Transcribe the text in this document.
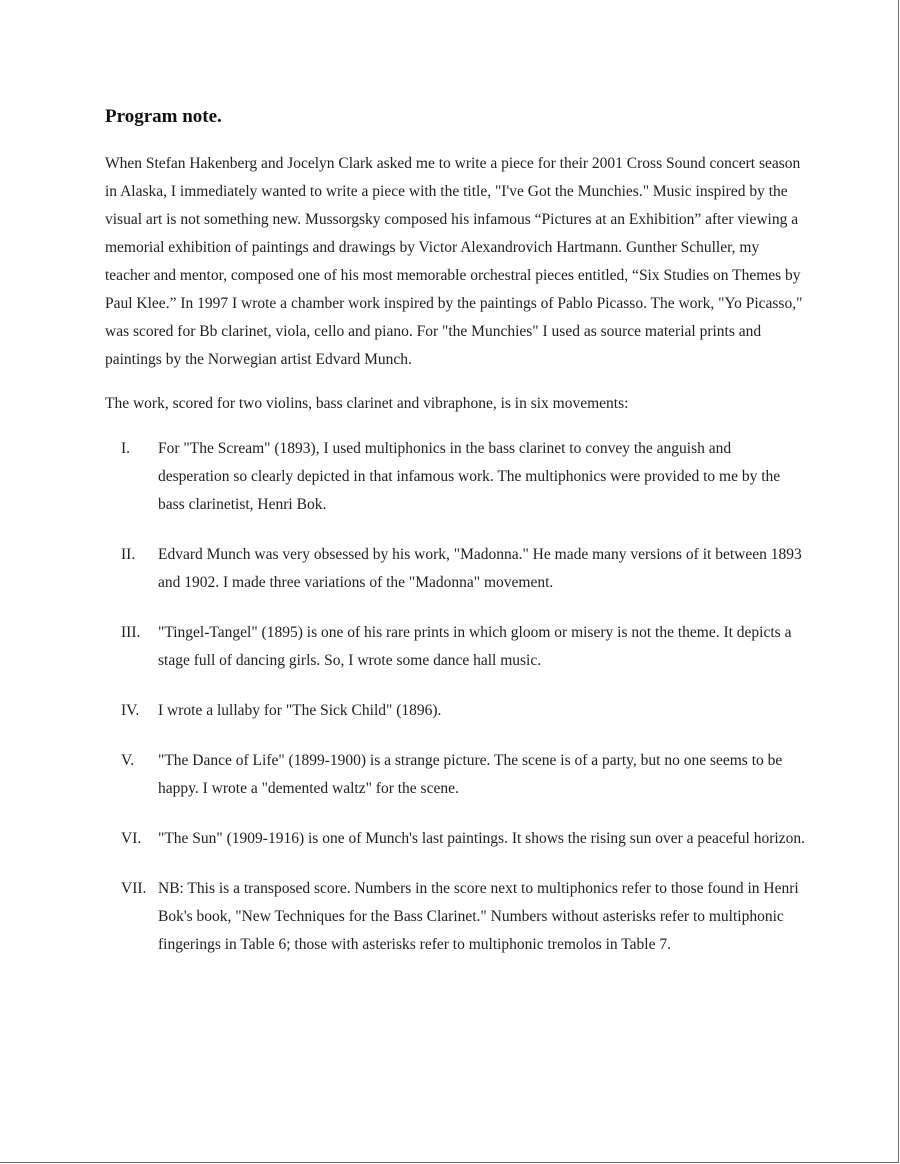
Program note.

When Stefan Hakenberg and Jocelyn Clark asked me to write a piece for their 2001 Cross Sound concert season in Alaska, I immediately wanted to write a piece with the title, "I've Got the Munchies." Music inspired by the visual art is not something new. Mussorgsky composed his infamous “Pictures at an Exhibition” after viewing a memorial exhibition of paintings and drawings by Victor Alexandrovich Hartmann. Gunther Schuller, my teacher and mentor, composed one of his most memorable orchestral pieces entitled, “Six Studies on Themes by Paul Klee.” In 1997 I wrote a chamber work inspired by the paintings of Pablo Picasso. The work, "Yo Picasso," was scored for Bb clarinet, viola, cello and piano. For "the Munchies" I used as source material prints and paintings by the Norwegian artist Edvard Munch.

The work, scored for two violins, bass clarinet and vibraphone, is in six movements:

I. For "The Scream" (1893), I used multiphonics in the bass clarinet to convey the anguish and desperation so clearly depicted in that infamous work. The multiphonics were provided to me by the bass clarinetist, Henri Bok.
II. Edvard Munch was very obsessed by his work, "Madonna." He made many versions of it between 1893 and 1902. I made three variations of the "Madonna" movement.
III. "Tingel-Tangel" (1895) is one of his rare prints in which gloom or misery is not the theme. It depicts a stage full of dancing girls. So, I wrote some dance hall music.
IV. I wrote a lullaby for "The Sick Child" (1896).
V. "The Dance of Life" (1899-1900) is a strange picture. The scene is of a party, but no one seems to be happy. I wrote a "demented waltz" for the scene.
VI. "The Sun" (1909-1916) is one of Munch's last paintings. It shows the rising sun over a peaceful horizon.
VII. NB: This is a transposed score. Numbers in the score next to multiphonics refer to those found in Henri Bok's book, "New Techniques for the Bass Clarinet." Numbers without asterisks refer to multiphonic fingerings in Table 6; those with asterisks refer to multiphonic tremolos in Table 7.
